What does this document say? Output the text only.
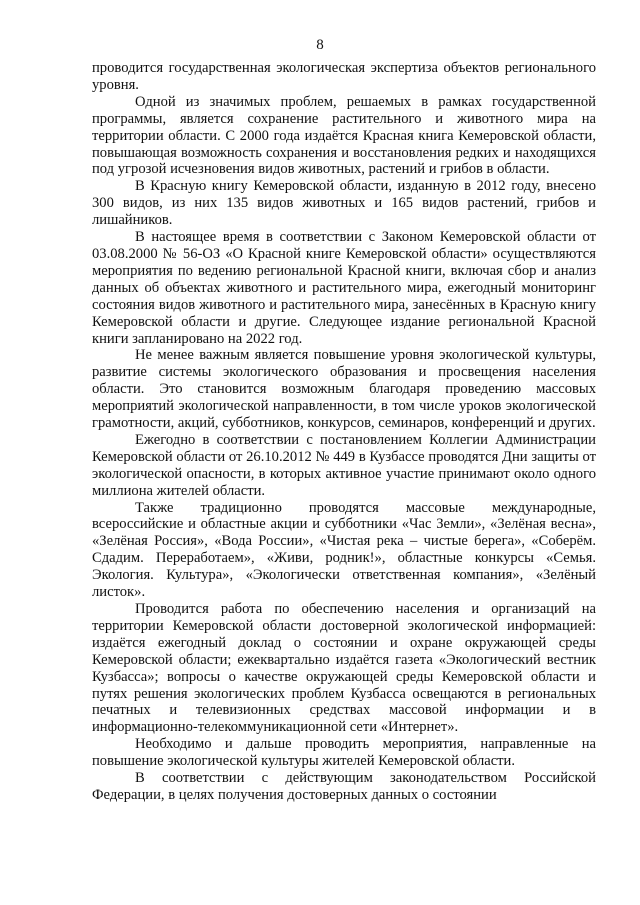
8

проводится государственная экологическая экспертиза объектов регионального уровня.

Одной из значимых проблем, решаемых в рамках государственной программы, является сохранение растительного и животного мира на территории области. С 2000 года издаётся Красная книга Кемеровской области, повышающая возможность сохранения и восстановления редких и находящихся под угрозой исчезновения видов животных, растений и грибов в области.

В Красную книгу Кемеровской области, изданную в 2012 году, внесено 300 видов, из них 135 видов животных и 165 видов растений, грибов и лишайников.

В настоящее время в соответствии с Законом Кемеровской области от 03.08.2000 № 56-ОЗ «О Красной книге Кемеровской области» осуществляются мероприятия по ведению региональной Красной книги, включая сбор и анализ данных об объектах животного и растительного мира, ежегодный мониторинг состояния видов животного и растительного мира, занесённых в Красную книгу Кемеровской области и другие. Следующее издание региональной Красной книги запланировано на 2022 год.

Не менее важным является повышение уровня экологической культуры, развитие системы экологического образования и просвещения населения области. Это становится возможным благодаря проведению массовых мероприятий экологической направленности, в том числе уроков экологической грамотности, акций, субботников, конкурсов, семинаров, конференций и других.

Ежегодно в соответствии с постановлением Коллегии Администрации Кемеровской области от 26.10.2012 № 449 в Кузбассе проводятся Дни защиты от экологической опасности, в которых активное участие принимают около одного миллиона жителей области.

Также традиционно проводятся массовые международные, всероссийские и областные акции и субботники «Час Земли», «Зелёная весна», «Зелёная Россия», «Вода России», «Чистая река – чистые берега», «Соберём. Сдадим. Переработаем», «Живи, родник!», областные конкурсы «Семья. Экология. Культура», «Экологически ответственная компания», «Зелёный листок».

Проводится работа по обеспечению населения и организаций на территории Кемеровской области достоверной экологической информацией: издаётся ежегодный доклад о состоянии и охране окружающей среды Кемеровской области; ежеквартально издаётся газета «Экологический вестник Кузбасса»; вопросы о качестве окружающей среды Кемеровской области и путях решения экологических проблем Кузбасса освещаются в региональных печатных и телевизионных средствах массовой информации и в информационно-телекоммуникационной сети «Интернет».

Необходимо и дальше проводить мероприятия, направленные на повышение экологической культуры жителей Кемеровской области.

В соответствии с действующим законодательством Российской Федерации, в целях получения достоверных данных о состоянии
